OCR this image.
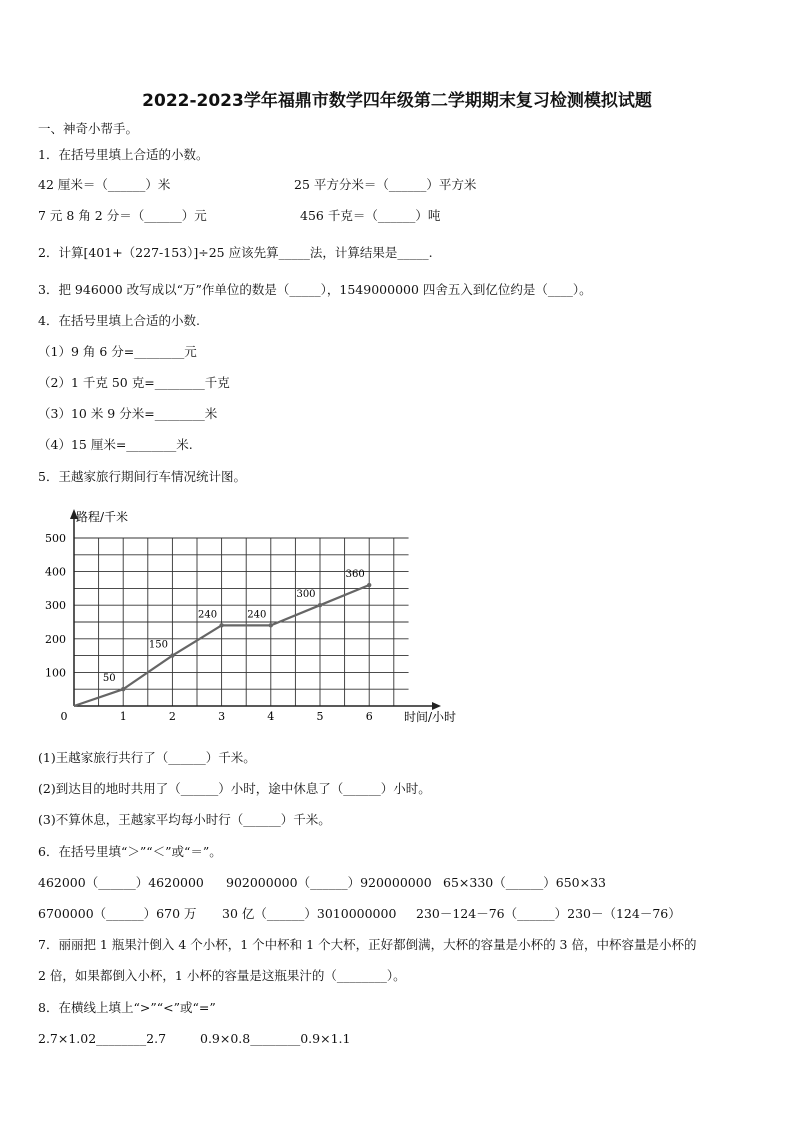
2022-2023学年福鼎市数学四年级第二学期期末复习检测模拟试题
一、神奇小帮手。
1．在括号里填上合适的小数。
42 厘米＝（______）米	25 平方分米＝（______）平方米
7 元 8 角 2 分＝（______）元	456 千克＝（______）吨
2．计算[401+（227-153）]÷25 应该先算_____法，计算结果是_____.
3．把 946000 改写成以“万”作单位的数是（_____），1549000000 四舍五入到亿位约是（____）。
4．在括号里填上合适的小数.
（1）9 角 6 分=________元
（2）1 千克 50 克=________千克
（3）10 米 9 分米=________米
（4）15 厘米=________米.
5．王越家旅行期间行车情况统计图。
100
200
300
400
500
0	1	2	3	4	5	6
50
150
240	240
300
360
路程/千米
时间/小时
(1)王越家旅行共行了（______）千米。
(2)到达目的地时共用了（______）小时，途中休息了（______）小时。
(3)不算休息，王越家平均每小时行（______）千米。
6．在括号里填“＞”“＜”或“＝”。
462000（______）4620000 902000000（______）920000000 65×330（______）650×33
6700000（______）670 万 30 亿（______）3010000000 230－124－76（______）230－（124－76）
7．丽丽把 1 瓶果汁倒入 4 个小杯，1 个中杯和 1 个大杯，正好都倒满，大杯的容量是小杯的 3 倍，中杯容量是小杯的
2 倍，如果都倒入小杯，1 小杯的容量是这瓶果汁的（________）。
8．在横线上填上“>”“<”或“=”
2.7×1.02________2.7	0.9×0.8________0.9×1.1
